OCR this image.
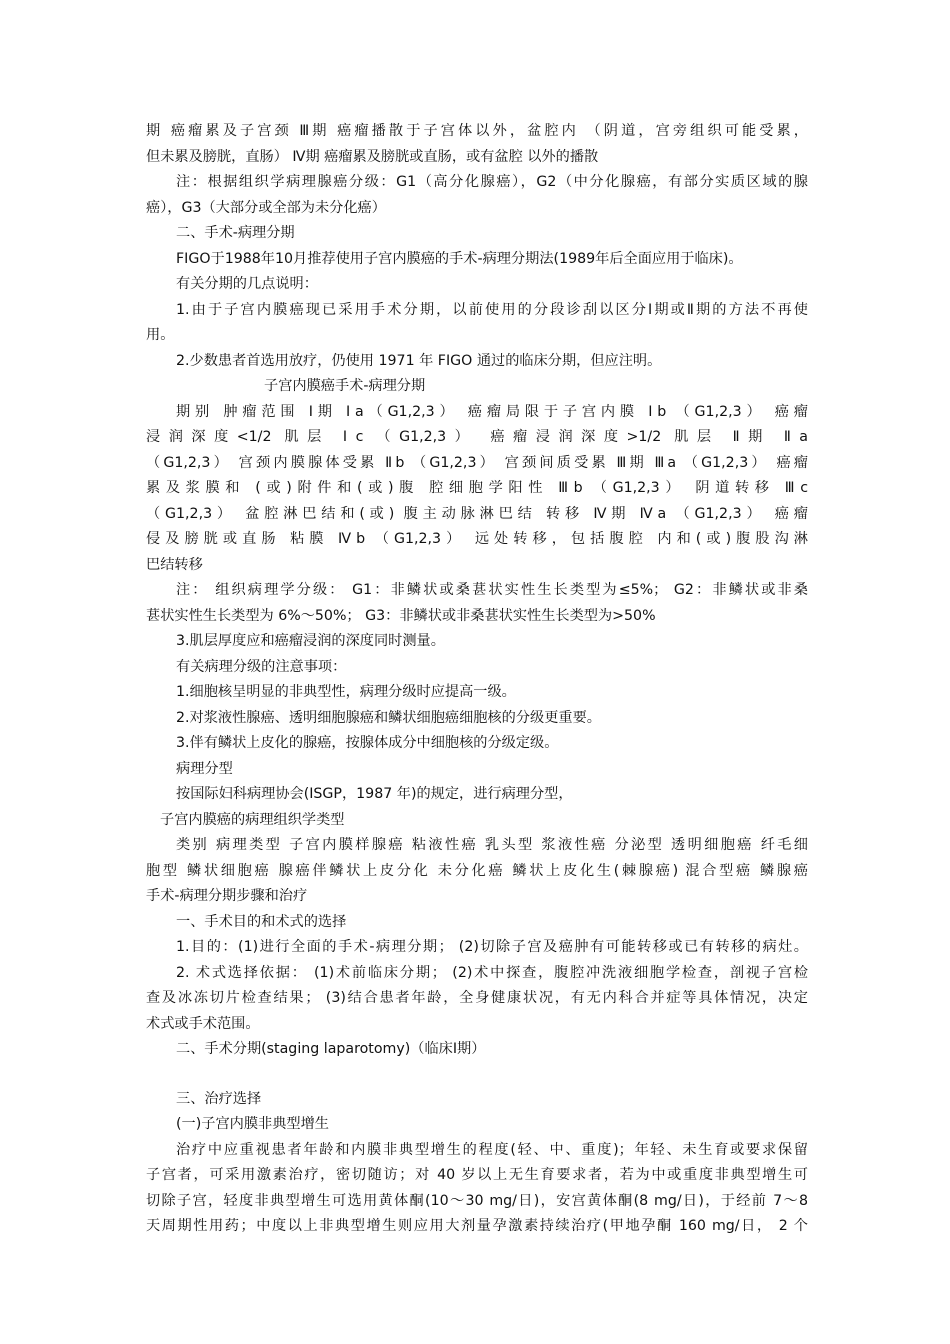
期 癌瘤累及子宫颈 Ⅲ期 癌瘤播散于子宫体以外，盆腔内 （阴道，宫旁组织可能受累，
但未累及膀胱，直肠） Ⅳ期 癌瘤累及膀胱或直肠，或有盆腔 以外的播散
注：根据组织学病理腺癌分级：G1（高分化腺癌），G2（中分化腺癌，有部分实质区域的腺
癌），G3（大部分或全部为未分化癌）
二、手术-病理分期
FIGO于1988年10月推荐使用子宫内膜癌的手术-病理分期法(1989年后全面应用于临床)。
有关分期的几点说明：
1.由于子宫内膜癌现已采用手术分期，以前使用的分段诊刮以区分Ⅰ期或Ⅱ期的方法不再使
用。
2.少数患者首选用放疗，仍使用 1971 年 FIGO 通过的临床分期，但应注明。
子宫内膜癌手术-病理分期
期别 肿瘤范围 Ⅰ期 Ⅰa（G1,2,3） 癌瘤局限于子宫内膜 Ⅰb （G1,2,3） 癌瘤
浸润深度<1/2 肌层 Ⅰc （G1,2,3） 癌瘤浸润深度>1/2 肌层 Ⅱ期 Ⅱa
（G1,2,3） 宫颈内膜腺体受累 Ⅱb （G1,2,3） 宫颈间质受累 Ⅲ期 Ⅲa （G1,2,3） 癌瘤
累及浆膜和 (或)附件和(或)腹 腔细胞学阳性 Ⅲb （G1,2,3） 阴道转移 Ⅲc
（G1,2,3） 盆腔淋巴结和(或) 腹主动脉淋巴结 转移 Ⅳ期 Ⅳa （G1,2,3） 癌瘤
侵及膀胱或直肠 粘膜 Ⅳb （G1,2,3） 远处转移，包括腹腔 内和(或)腹股沟淋
巴结转移
注： 组织病理学分级： G1：非鳞状或桑葚状实性生长类型为≤5%； G2：非鳞状或非桑
葚状实性生长类型为 6%～50%； G3：非鳞状或非桑葚状实性生长类型为>50%
3.肌层厚度应和癌瘤浸润的深度同时测量。
有关病理分级的注意事项：
1.细胞核呈明显的非典型性，病理分级时应提高一级。
2.对浆液性腺癌、透明细胞腺癌和鳞状细胞癌细胞核的分级更重要。
3.伴有鳞状上皮化的腺癌，按腺体成分中细胞核的分级定级。
病理分型
按国际妇科病理协会(ISGP，1987 年)的规定，进行病理分型，
子宫内膜癌的病理组织学类型
类别 病理类型 子宫内膜样腺癌 粘液性癌 乳头型 浆液性癌 分泌型 透明细胞癌 纤毛细
胞型 鳞状细胞癌 腺癌伴鳞状上皮分化 未分化癌 鳞状上皮化生(棘腺癌) 混合型癌 鳞腺癌
手术-病理分期步骤和治疗
一、手术目的和术式的选择
1.目的：(1)进行全面的手术-病理分期； (2)切除子宫及癌肿有可能转移或已有转移的病灶。
2. 术式选择依据： (1)术前临床分期； (2)术中探查，腹腔冲洗液细胞学检查，剖视子宫检
查及冰冻切片检查结果； (3)结合患者年龄，全身健康状况，有无内科合并症等具体情况，决定
术式或手术范围。
二、手术分期(staging laparotomy)（临床Ⅰ期）
三、治疗选择
(一)子宫内膜非典型增生
治疗中应重视患者年龄和内膜非典型增生的程度(轻、中、重度)；年轻、未生育或要求保留
子宫者，可采用激素治疗，密切随访；对 40 岁以上无生育要求者，若为中或重度非典型增生可
切除子宫，轻度非典型增生可选用黄体酮(10～30 mg/日)，安宫黄体酮(8 mg/日)，于经前 7～8
天周期性用药；中度以上非典型增生则应用大剂量孕激素持续治疗(甲地孕酮 160 mg/日， 2 个
